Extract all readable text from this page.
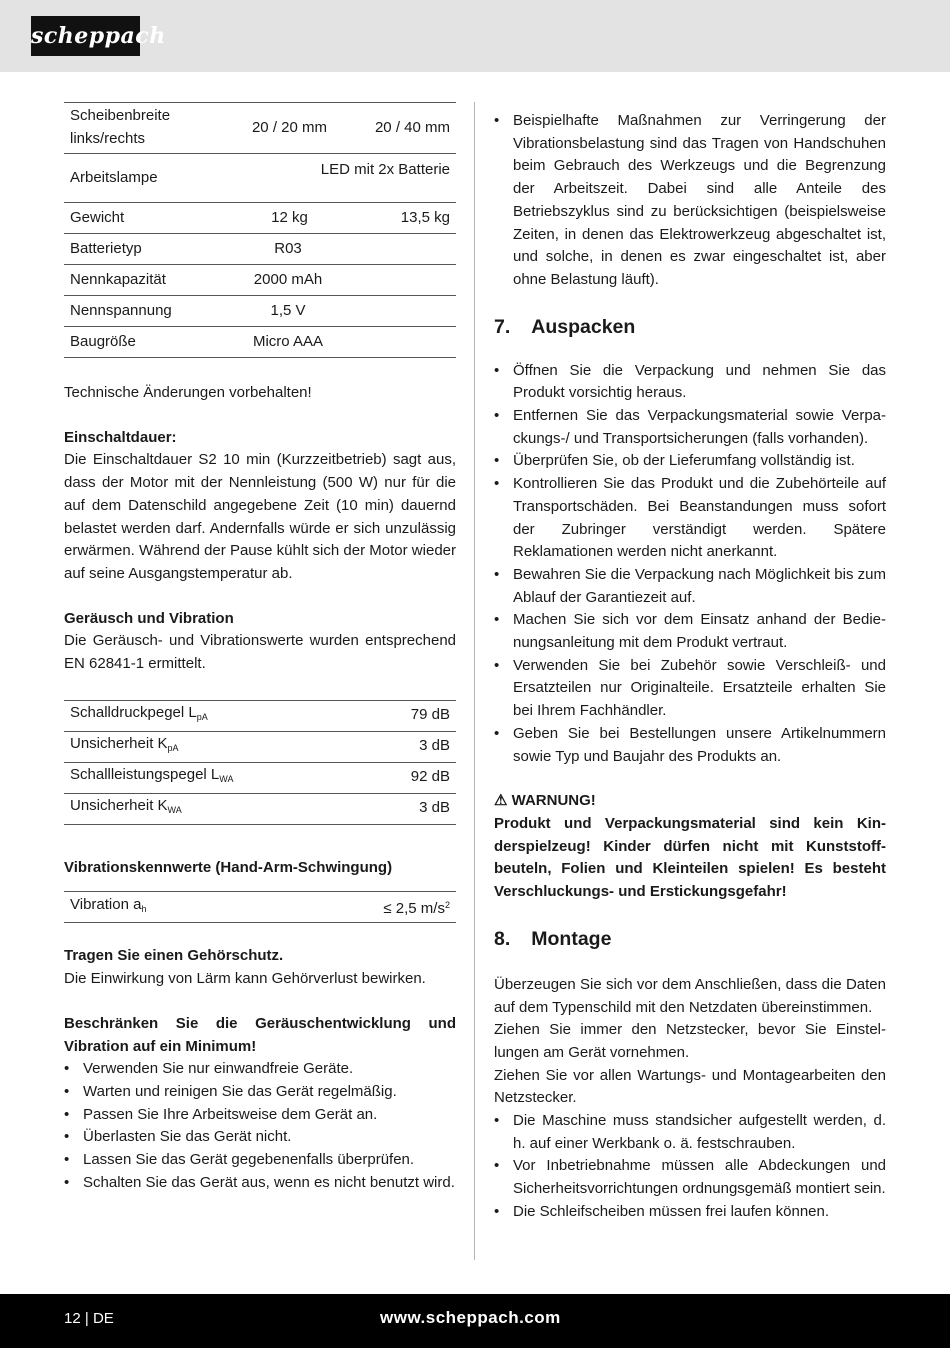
scheppach
Scheibenbreite links/rechts	20 / 20 mm	20 / 40 mm
Arbeitslampe	LED mit 2x Batterie	
Gewicht	12 kg	13,5 kg
Batterietyp	R03	
Nennkapazität	2000 mAh	
Nennspannung	1,5 V	
Baugröße	Micro AAA	

Technische Änderungen vorbehalten!

Einschaltdauer:

Die Einschaltdauer S2 10 min (Kurzzeitbetrieb) sagt aus, dass der Motor mit der Nennleistung (500 W) nur für die auf dem Datenschild angegebene Zeit (10 min) dauernd belastet werden darf. Andernfalls würde er sich unzulässig erwärmen. Während der Pause kühlt sich der Motor wieder auf seine Ausgangstemperatur ab.

Geräusch und Vibration

Die Geräusch- und Vibrationswerte wurden entsprechend EN 62841-1 ermittelt.

Schalldruckpegel $L_{pA}$	79 dB
Unsicherheit $K_{pA}$	3 dB
Schallleistungspegel $L_{WA}$	92 dB
Unsicherheit $K_{WA}$	3 dB

Vibrationskennwerte (Hand-Arm-Schwingung)

Vibration $a_h$	≤ 2,5 $m/s^2$

Tragen Sie einen Gehörschutz.

Die Einwirkung von Lärm kann Gehörverlust bewirken.

Beschränken Sie die Geräuschentwicklung und Vibration auf ein Minimum!

• Verwenden Sie nur einwandfreie Geräte.
• Warten und reinigen Sie das Gerät regelmäßig.
• Passen Sie Ihre Arbeitsweise dem Gerät an.
• Überlasten Sie das Gerät nicht.
• Lassen Sie das Gerät gegebenenfalls überprüfen.
• Schalten Sie das Gerät aus, wenn es nicht benutzt wird.
• Beispielhafte Maßnahmen zur Verringerung der Vibrationsbelastung sind das Tragen von Handschuhen beim Gebrauch des Werkzeugs und die Begrenzung der Arbeitszeit. Dabei sind alle Anteile des Betriebszyklus sind zu berücksichtigen (beispielsweise Zeiten, in denen das Elektrowerkzeug abgeschaltet ist, und solche, in denen es zwar eingeschaltet ist, aber ohne Belastung läuft).
7. Auspacken
• Öffnen Sie die Verpackung und nehmen Sie das Produkt vorsichtig heraus.
• Entfernen Sie das Verpackungsmaterial sowie Verpackungs-/ und Transportsicherungen (falls vorhanden).
• Überprüfen Sie, ob der Lieferumfang vollständig ist.
• Kontrollieren Sie das Produkt und die Zubehörteile auf Transportschäden. Bei Beanstandungen muss sofort der Zubringer verständigt werden. Spätere Reklamationen werden nicht anerkannt.
• Bewahren Sie die Verpackung nach Möglichkeit bis zum Ablauf der Garantiezeit auf.
• Machen Sie sich vor dem Einsatz anhand der Bedienungsanleitung mit dem Produkt vertraut.
• Verwenden Sie bei Zubehör sowie Verschleiß- und Ersatzteilen nur Originalteile. Ersatzteile erhalten Sie bei Ihrem Fachhändler.
• Geben Sie bei Bestellungen unsere Artikelnummern sowie Typ und Baujahr des Produkts an.

⚠ WARNUNG!

Produkt und Verpackungsmaterial sind kein Kinderspielzeug! Kinder dürfen nicht mit Kunststoffbeuteln, Folien und Kleinteilen spielen! Es besteht Verschluckungs- und Erstickungsgefahr!

8. Montage

Überzeugen Sie sich vor dem Anschließen, dass die Daten auf dem Typenschild mit den Netzdaten übereinstimmen.

Ziehen Sie immer den Netzstecker, bevor Sie Einstellungen am Gerät vornehmen.

Ziehen Sie vor allen Wartungs- und Montagearbeiten den Netzstecker.

• Die Maschine muss standsicher aufgestellt werden, d. h. auf einer Werkbank o. ä. festschrauben.
• Vor Inbetriebnahme müssen alle Abdeckungen und Sicherheitsvorrichtungen ordnungsgemäß montiert sein.
• Die Schleifscheiben müssen frei laufen können.
12 | DE	www.scheppach.com
